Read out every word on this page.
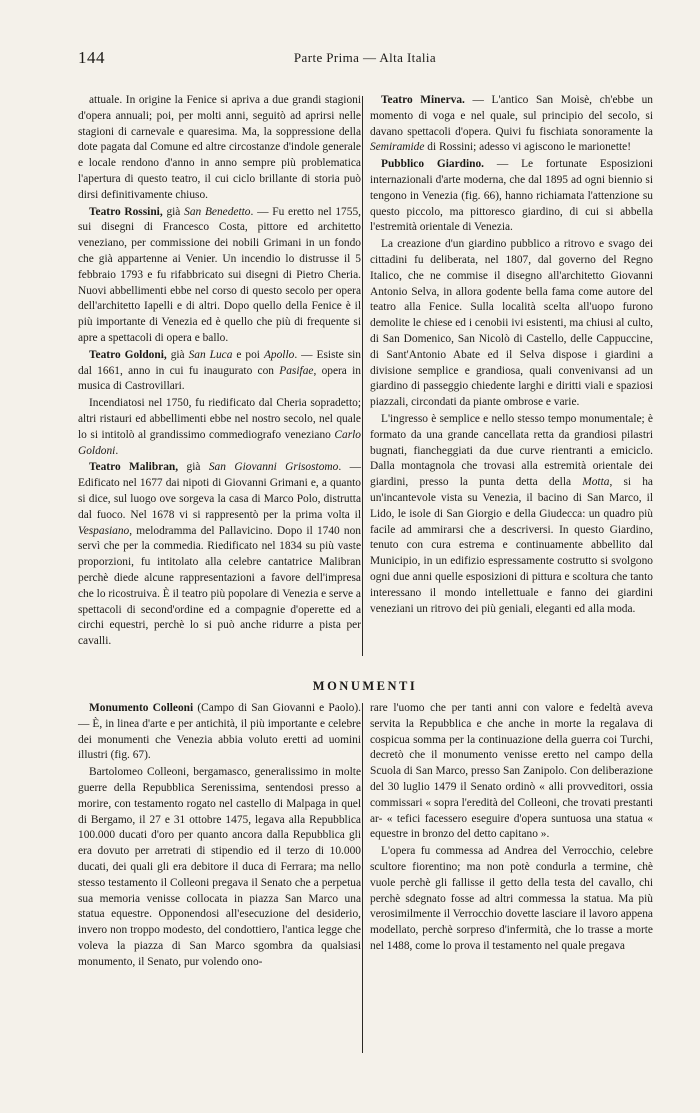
144	Parte Prima — Alta Italia

attuale. In origine la Fenice si apriva a due grandi stagioni d'opera annuali; poi, per molti anni, seguitò ad aprirsi nelle stagioni di carnevale e quaresima. Ma, la soppressione della dote pagata dal Comune ed altre circostanze d'indole generale e locale rendono d'anno in anno sempre più problematica l'apertura di questo teatro, il cui ciclo brillante di storia può dirsi definitivamente chiuso.

Teatro Rossini, già San Benedetto. — Fu eretto nel 1755, sui disegni di Francesco Costa, pittore ed architetto veneziano, per commissione dei nobili Grimani in un fondo che già appartenne ai Venier. Un incendio lo distrusse il 5 febbraio 1793 e fu rifabbricato sui disegni di Pietro Cheria. Nuovi abbellimenti ebbe nel corso di questo secolo per opera dell'architetto Iapelli e di altri. Dopo quello della Fenice è il più importante di Venezia ed è quello che più di frequente si apre a spettacoli di opera e ballo.

Teatro Goldoni, già San Luca e poi Apollo. — Esiste sin dal 1661, anno in cui fu inaugurato con Pasifae, opera in musica di Castrovillari.

Incendiatosi nel 1750, fu riedificato dal Cheria sopradetto; altri ristauri ed abbellimenti ebbe nel nostro secolo, nel quale lo si intitolò al grandissimo commediografo veneziano Carlo Goldoni.

Teatro Malibran, già San Giovanni Grisostomo. — Edificato nel 1677 dai nipoti di Giovanni Grimani e, a quanto si dice, sul luogo ove sorgeva la casa di Marco Polo, distrutta dal fuoco. Nel 1678 vi si rappresentò per la prima volta il Vespasiano, melodramma del Pallavicino. Dopo il 1740 non servì che per la commedia. Riedificato nel 1834 su più vaste proporzioni, fu intitolato alla celebre cantatrice Malibran perchè diede alcune rappresentazioni a favore dell'impresa che lo ricostruiva. È il teatro più popolare di Venezia e serve a spettacoli di second'ordine ed a compagnie d'operette ed a circhi equestri, perchè lo si può anche ridurre a pista per cavalli.

Teatro Minerva. — L'antico San Moisè, ch'ebbe un momento di voga e nel quale, sul principio del secolo, si davano spettacoli d'opera. Quivi fu fischiata sonoramente la Semiramide di Rossini; adesso vi agiscono le marionette!

Pubblico Giardino. — Le fortunate Esposizioni internazionali d'arte moderna, che dal 1895 ad ogni biennio si tengono in Venezia (fig. 66), hanno richiamata l'attenzione su questo piccolo, ma pittoresco giardino, di cui si abbella l'estremità orientale di Venezia.

La creazione d'un giardino pubblico a ritrovo e svago dei cittadini fu deliberata, nel 1807, dal governo del Regno Italico, che ne commise il disegno all'architetto Giovanni Antonio Selva, in allora godente bella fama come autore del teatro alla Fenice. Sulla località scelta all'uopo furono demolite le chiese ed i cenobii ivi esistenti, ma chiusi al culto, di San Domenico, San Nicolò di Castello, delle Cappuccine, di Sant'Antonio Abate ed il Selva dispose i giardini a divisione semplice e grandiosa, quali convenivansi ad un giardino di passeggio chiedente larghi e diritti viali e spaziosi piazzali, circondati da piante ombrose e varie.

L'ingresso è semplice e nello stesso tempo monumentale; è formato da una grande cancellata retta da grandiosi pilastri bugnati, fiancheggiati da due curve rientranti a emiciclo. Dalla montagnola che trovasi alla estremità orientale dei giardini, presso la punta detta della Motta, si ha un'incantevole vista su Venezia, il bacino di San Marco, il Lido, le isole di San Giorgio e della Giudecca: un quadro più facile ad ammirarsi che a descriversi. In questo Giardino, tenuto con cura estrema e continuamente abbellito dal Municipio, in un edifizio espressamente costrutto si svolgono ogni due anni quelle esposizioni di pittura e scoltura che tanto interessano il mondo intellettuale e fanno dei giardini veneziani un ritrovo dei più geniali, eleganti ed alla moda.

MONUMENTI

Monumento Colleoni (Campo di San Giovanni e Paolo). — È, in linea d'arte e per antichità, il più importante e celebre dei monumenti che Venezia abbia voluto eretti ad uomini illustri (fig. 67).

Bartolomeo Colleoni, bergamasco, generalissimo in molte guerre della Repubblica Serenissima, sentendosi presso a morire, con testamento rogato nel castello di Malpaga in quel di Bergamo, il 27 e 31 ottobre 1475, legava alla Repubblica 100.000 ducati d'oro per quanto ancora dalla Repubblica gli era dovuto per arretrati di stipendio ed il terzo di 10.000 ducati, dei quali gli era debitore il duca di Ferrara; ma nello stesso testamento il Colleoni pregava il Senato che a perpetua sua memoria venisse collocata in piazza San Marco una statua equestre. Opponendosi all'esecuzione del desiderio, invero non troppo modesto, del condottiero, l'antica legge che voleva la piazza di San Marco sgombra da qualsiasi monumento, il Senato, pur volendo ono-

rare l'uomo che per tanti anni con valore e fedeltà aveva servita la Repubblica e che anche in morte la regalava di cospicua somma per la continuazione della guerra coi Turchi, decretò che il monumento venisse eretto nel campo della Scuola di San Marco, presso San Zanipolo. Con deliberazione del 30 luglio 1479 il Senato ordinò « alli provveditori, ossia commissari « sopra l'eredità del Colleoni, che trovati prestanti ar- « tefici facessero eseguire d'opera suntuosa una statua « equestre in bronzo del detto capitano ».

L'opera fu commessa ad Andrea del Verrocchio, celebre scultore fiorentino; ma non potè condurla a termine, chè vuole perchè gli fallisse il getto della testa del cavallo, chi perchè sdegnato fosse ad altri commessa la statua. Ma più verosimilmente il Verrocchio dovette lasciare il lavoro appena modellato, perchè sorpreso d'infermità, che lo trasse a morte nel 1488, come lo prova il testamento nel quale pregava
